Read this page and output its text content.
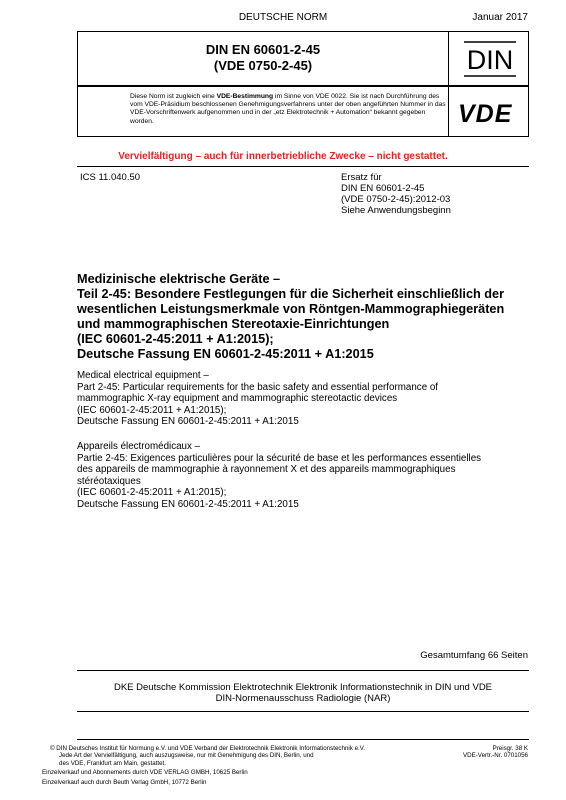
DEUTSCHE NORM	Januar 2017
DIN EN 60601-2-45
(VDE 0750-2-45)	DIN
Diese Norm ist zugleich eine VDE-Bestimmung im Sinne von VDE 0022. Sie ist nach Durchführung des vom VDE-Präsidium beschlossenen Genehmigungsverfahrens unter der oben angeführten Nummer in das VDE-Vorschriftenwerk aufgenommen und in der „etz Elektrotechnik + Automation“ bekannt gegeben worden.	VDE
Vervielfältigung – auch für innerbetriebliche Zwecke – nicht gestattet.
ICS 11.040.50	Ersatz für
DIN EN 60601-2-45
(VDE 0750-2-45):2012-03
Siehe Anwendungsbeginn
Medizinische elektrische Geräte –
Teil 2-45: Besondere Festlegungen für die Sicherheit einschließlich der
wesentlichen Leistungsmerkmale von Röntgen-Mammographiegeräten
und mammographischen Stereotaxie-Einrichtungen
(IEC 60601-2-45:2011 + A1:2015);
Deutsche Fassung EN 60601-2-45:2011 + A1:2015
Medical electrical equipment –
Part 2-45: Particular requirements for the basic safety and essential performance of
mammographic X-ray equipment and mammographic stereotactic devices
(IEC 60601-2-45:2011 + A1:2015);
Deutsche Fassung EN 60601-2-45:2011 + A1:2015
Appareils électromédicaux –
Partie 2-45: Exigences particulières pour la sécurité de base et les performances essentielles
des appareils de mammographie à rayonnement X et des appareils mammographiques
stéréotaxiques
(IEC 60601-2-45:2011 + A1:2015);
Deutsche Fassung EN 60601-2-45:2011 + A1:2015
Gesamtumfang 66 Seiten
DKE Deutsche Kommission Elektrotechnik Elektronik Informationstechnik in DIN und VDE
DIN-Normenausschuss Radiologie (NAR)
© DIN Deutsches Institut für Normung e.V. und VDE Verband der Elektrotechnik Elektronik Informationstechnik e.V.
Jede Art der Vervielfältigung, auch auszugsweise, nur mit Genehmigung des DIN, Berlin, und
des VDE, Frankfurt am Main, gestattet.
Preisgr. 38 K
VDE-Vertr.-Nr. 0701056
Einzelverkauf und Abonnements durch VDE VERLAG GMBH, 10625 Berlin
Einzelverkauf auch durch Beuth Verlag GmbH, 10772 Berlin
